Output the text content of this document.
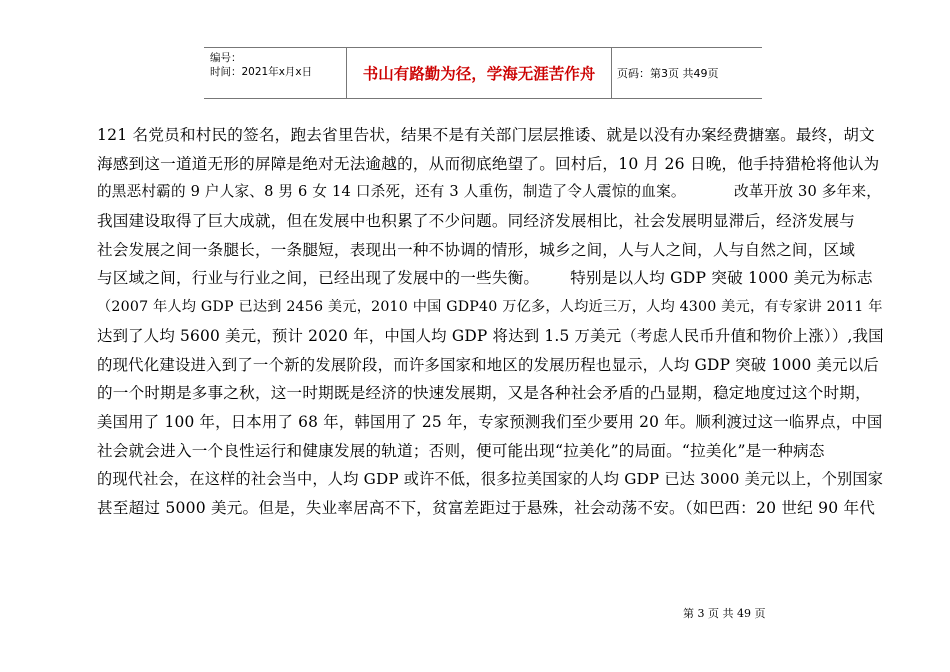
编号：
时间：2021年x月x日	书山有路勤为径，学海无涯苦作舟	页码：第3页 共49页
121 名党员和村民的签名，跑去省里告状，结果不是有关部门层层推诿、就是以没有办案经费搪塞。最终，胡文
海感到这一道道无形的屏障是绝对无法逾越的，从而彻底绝望了。回村后，10 月 26 日晚，他手持猎枪将他认为
的黑恶村霸的 9 户人家、8 男 6 女 14 口杀死，还有 3 人重伤，制造了令人震惊的血案。          改革开放 30 多年来，
我国建设取得了巨大成就，但在发展中也积累了不少问题。同经济发展相比，社会发展明显滞后，经济发展与
社会发展之间一条腿长，一条腿短，表现出一种不协调的情形，城乡之间，人与人之间，人与自然之间，区域
与区域之间，行业与行业之间，已经出现了发展中的一些失衡。      特别是以人均 GDP 突破 1000 美元为标志
（2007 年人均 GDP 已达到 2456 美元，2010 中国 GDP40 万亿多，人均近三万，人均 4300 美元，有专家讲 2011 年
达到了人均 5600 美元，预计 2020 年，中国人均 GDP 将达到 1.5 万美元（考虑人民币升值和物价上涨））,我国
的现代化建设进入到了一个新的发展阶段，而许多国家和地区的发展历程也显示，人均 GDP 突破 1000 美元以后
的一个时期是多事之秋，这一时期既是经济的快速发展期，又是各种社会矛盾的凸显期，稳定地度过这个时期，
美国用了 100 年，日本用了 68 年，韩国用了 25 年，专家预测我们至少要用 20 年。顺利渡过这一临界点，中国
社会就会进入一个良性运行和健康发展的轨道；否则，便可能出现“拉美化”的局面。“拉美化”是一种病态
的现代社会，在这样的社会当中，人均 GDP 或许不低，很多拉美国家的人均 GDP 已达 3000 美元以上，个别国家
甚至超过 5000 美元。但是，失业率居高不下，贫富差距过于悬殊，社会动荡不安。（如巴西：20 世纪 90 年代
第 3 页 共 49 页
